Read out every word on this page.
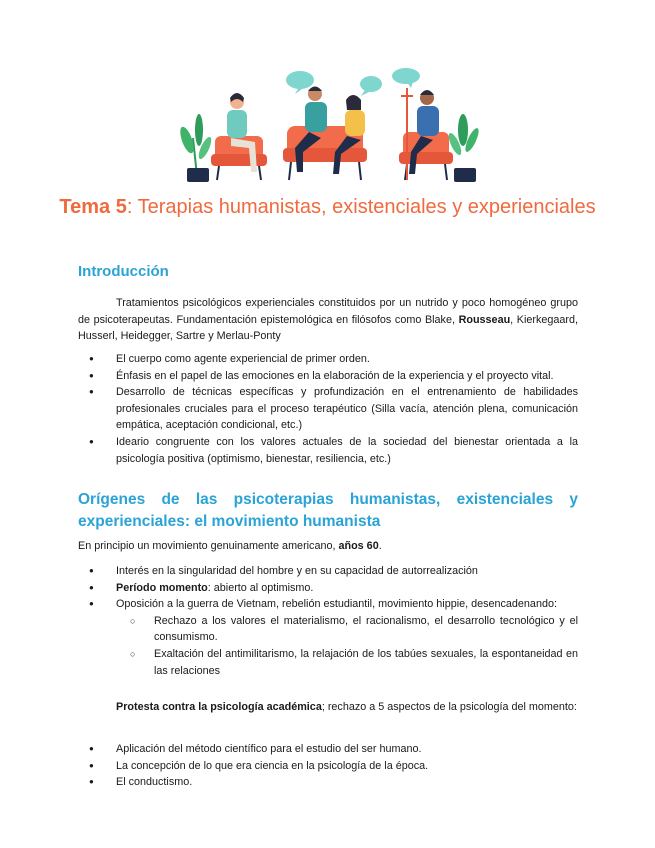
Tema 5: Terapias humanistas, existenciales y experienciales
Introducción

Tratamientos psicológicos experienciales constituidos por un nutrido y poco homogéneo grupo de psicoterapeutas. Fundamentación epistemológica en filósofos como Blake, Rousseau, Kierkegaard, Husserl, Heidegger, Sartre y Merlau-Ponty

● El cuerpo como agente experiencial de primer orden.
● Énfasis en el papel de las emociones en la elaboración de la experiencia y el proyecto vital.
● Desarrollo de técnicas específicas y profundización en el entrenamiento de habilidades profesionales cruciales para el proceso terapéutico (Silla vacía, atención plena, comunicación empática, aceptación condicional, etc.)
● Ideario congruente con los valores actuales de la sociedad del bienestar orientada a la psicología positiva (optimismo, bienestar, resiliencia, etc.)
Orígenes de las psicoterapias humanistas, existenciales y
experienciales: el movimiento humanista

En principio un movimiento genuinamente americano, años 60.

● Interés en la singularidad del hombre y en su capacidad de autorrealización
● Período momento: abierto al optimismo.
● Oposición a la guerra de Vietnam, rebelión estudiantil, movimiento hippie, desencadenando:
○ Rechazo a los valores el materialismo, el racionalismo, el desarrollo tecnológico y el consumismo.
○ Exaltación del antimilitarismo, la relajación de los tabúes sexuales, la espontaneidad en las relaciones

Protesta contra la psicología académica; rechazo a 5 aspectos de la psicología del momento:

● Aplicación del método científico para el estudio del ser humano.
● La concepción de lo que era ciencia en la psicología de la época.
● El conductismo.
